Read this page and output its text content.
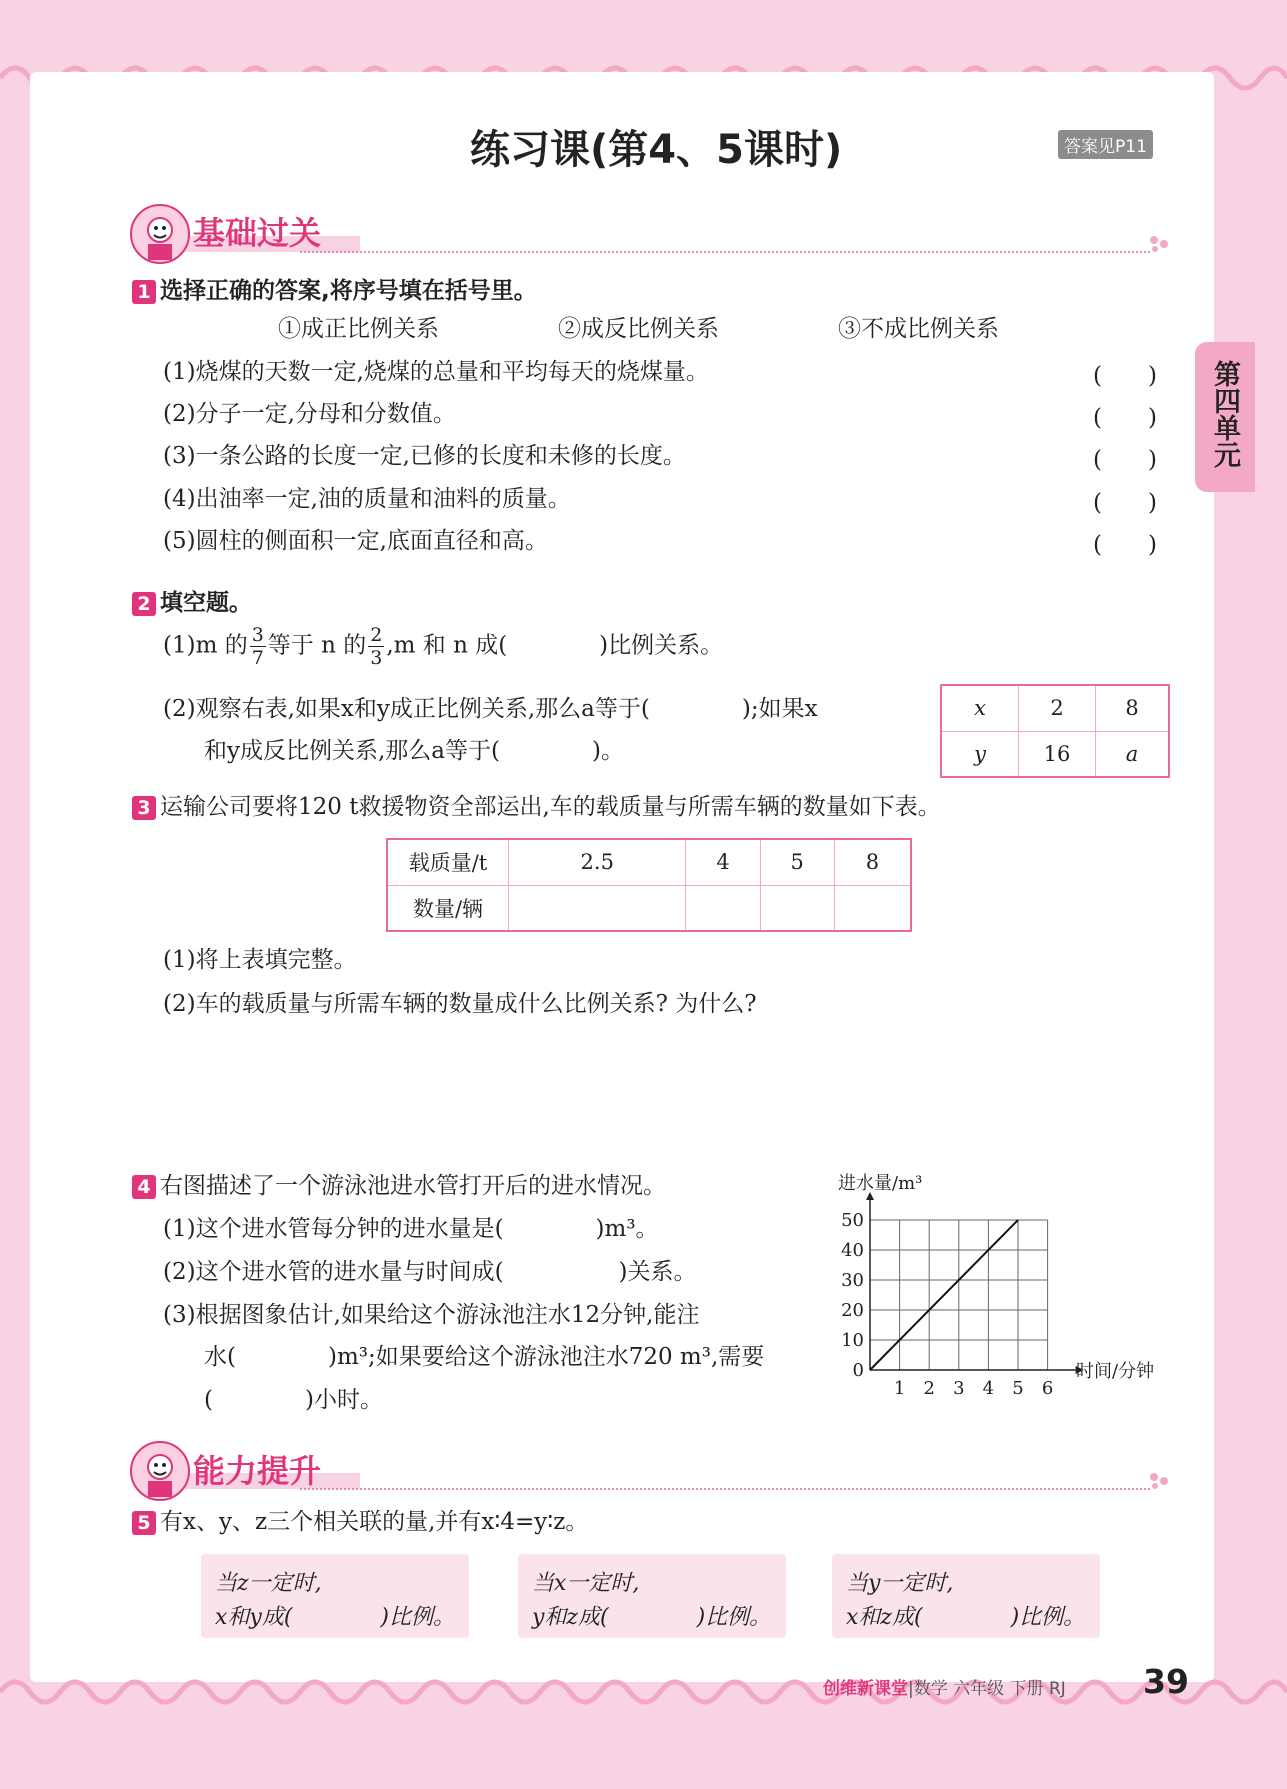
练习课(第4、5课时)	答案见P11
第四单元
基础过关
1 选择正确的答案,将序号填在括号里。
①成正比例关系	②成反比例关系	③不成比例关系
(1)烧煤的天数一定,烧煤的总量和平均每天的烧煤量。	(　　)
(2)分子一定,分母和分数值。	(　　)
(3)一条公路的长度一定,已修的长度和未修的长度。	(　　)
(4)出油率一定,油的质量和油料的质量。	(　　)
(5)圆柱的侧面积一定,底面直径和高。	(　　)
2 填空题。
(1)m 的 $\frac{3}{7}$ 等于 n 的 $\frac{2}{3} ,m$ 和 n 成(　　　　)比例关系。
(2)观察右表,如果x和y成正比例关系,那么a等于(　　　　);如果x
和y成反比例关系,那么a等于(　　　　)。
x	2	8
y	16	a
3 运输公司要将120 t救援物资全部运出,车的载质量与所需车辆的数量如下表。
载质量/t	2.5	4	5	8
数量/辆				
(1)将上表填完整。
(2)车的载质量与所需车辆的数量成什么比例关系? 为什么?
4 右图描述了一个游泳池进水管打开后的进水情况。
(1)这个进水管每分钟的进水量是(　　　　)m³。
(2)这个进水管的进水量与时间成(　　　　　)关系。
(3)根据图象估计,如果给这个游泳池注水12分钟,能注
水(　　　　)m³;如果要给这个游泳池注水720 m³,需要
(　　　　)小时。	1 2 3 4 5 6
0
10
20
30
40
50
进水量/m³
时间/分钟
能力提升
5 有x、y、z三个相关联的量,并有x∶4=y∶z。
当z一定时,
x和y成(　　　　)比例。
当x一定时,
y和z成(　　　　)比例。
当y一定时,
x和z成(　　　　)比例。
创维新课堂|数学 六年级 下册 RJ 39
